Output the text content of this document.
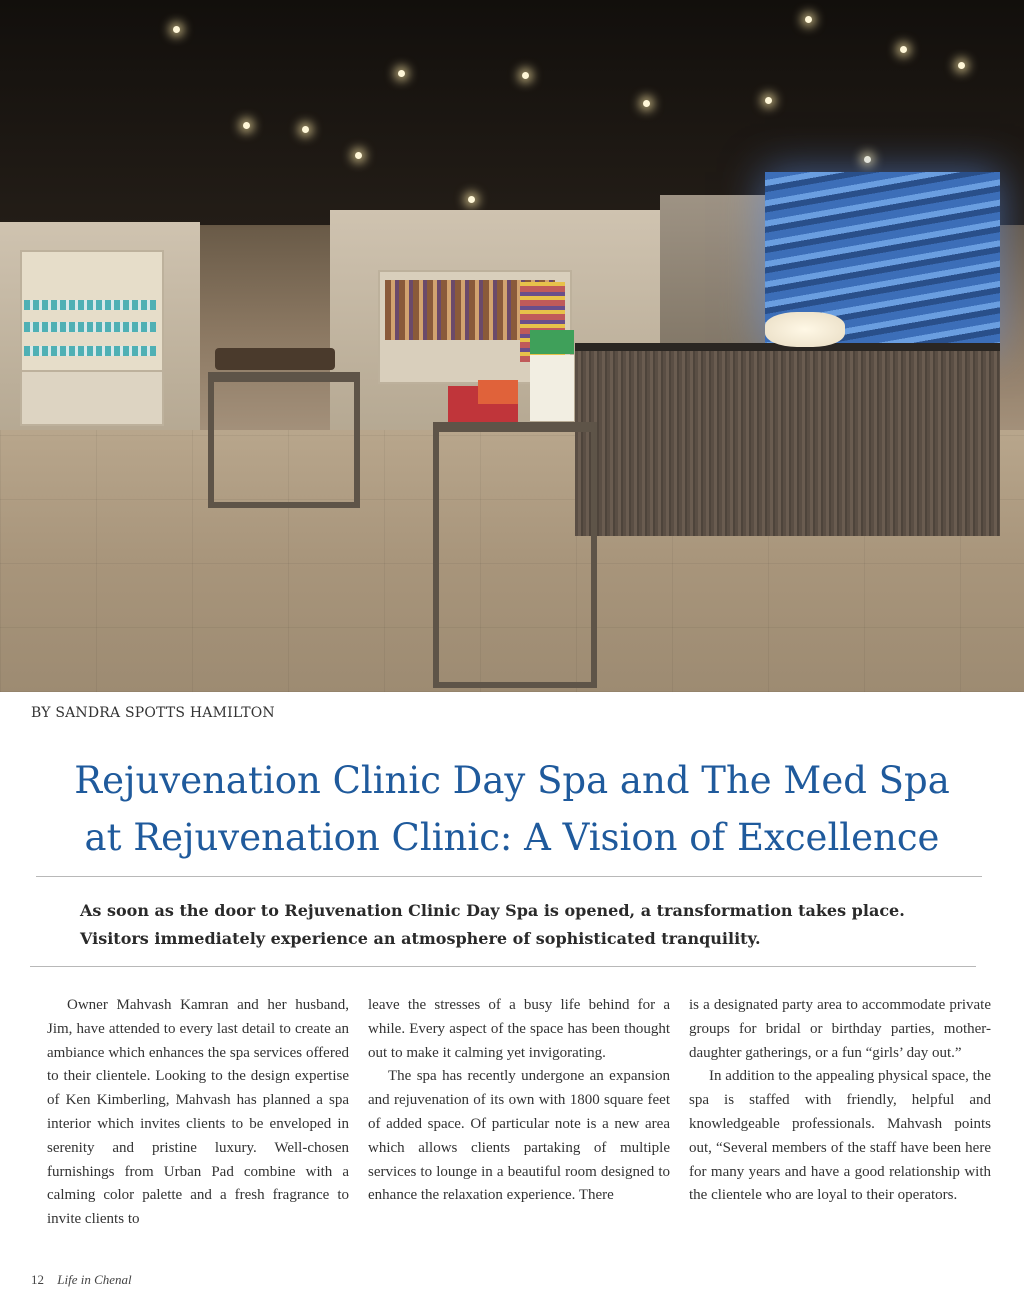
BY SANDRA SPOTTS HAMILTON
Rejuvenation Clinic Day Spa and The Med Spa
at Rejuvenation Clinic: A Vision of Excellence

As soon as the door to Rejuvenation Clinic Day Spa is opened, a transformation takes place.
Visitors immediately experience an atmosphere of sophisticated tranquility.

Owner Mahvash Kamran and her husband, Jim, have attended to every last detail to create an ambiance which enhances the spa services offered to their clientele. Looking to the design expertise of Ken Kimberling, Mahvash has planned a spa interior which invites clients to be enveloped in serenity and pristine luxury. Well-chosen furnishings from Urban Pad combine with a calming color palette and a fresh fragrance to invite clients to

leave the stresses of a busy life behind for a while. Every aspect of the space has been thought out to make it calming yet invigorating.

The spa has recently undergone an expansion and rejuvenation of its own with 1800 square feet of added space. Of particular note is a new area which allows clients partaking of multiple services to lounge in a beautiful room designed to enhance the relaxation experience. There

is a designated party area to accommodate private groups for bridal or birthday parties, mother-daughter gatherings, or a fun “girls’ day out.”

In addition to the appealing physical space, the spa is staffed with friendly, helpful and knowledgeable professionals. Mahvash points out, “Several members of the staff have been here for many years and have a good relationship with the clientele who are loyal to their operators.

12 Life in Chenal
